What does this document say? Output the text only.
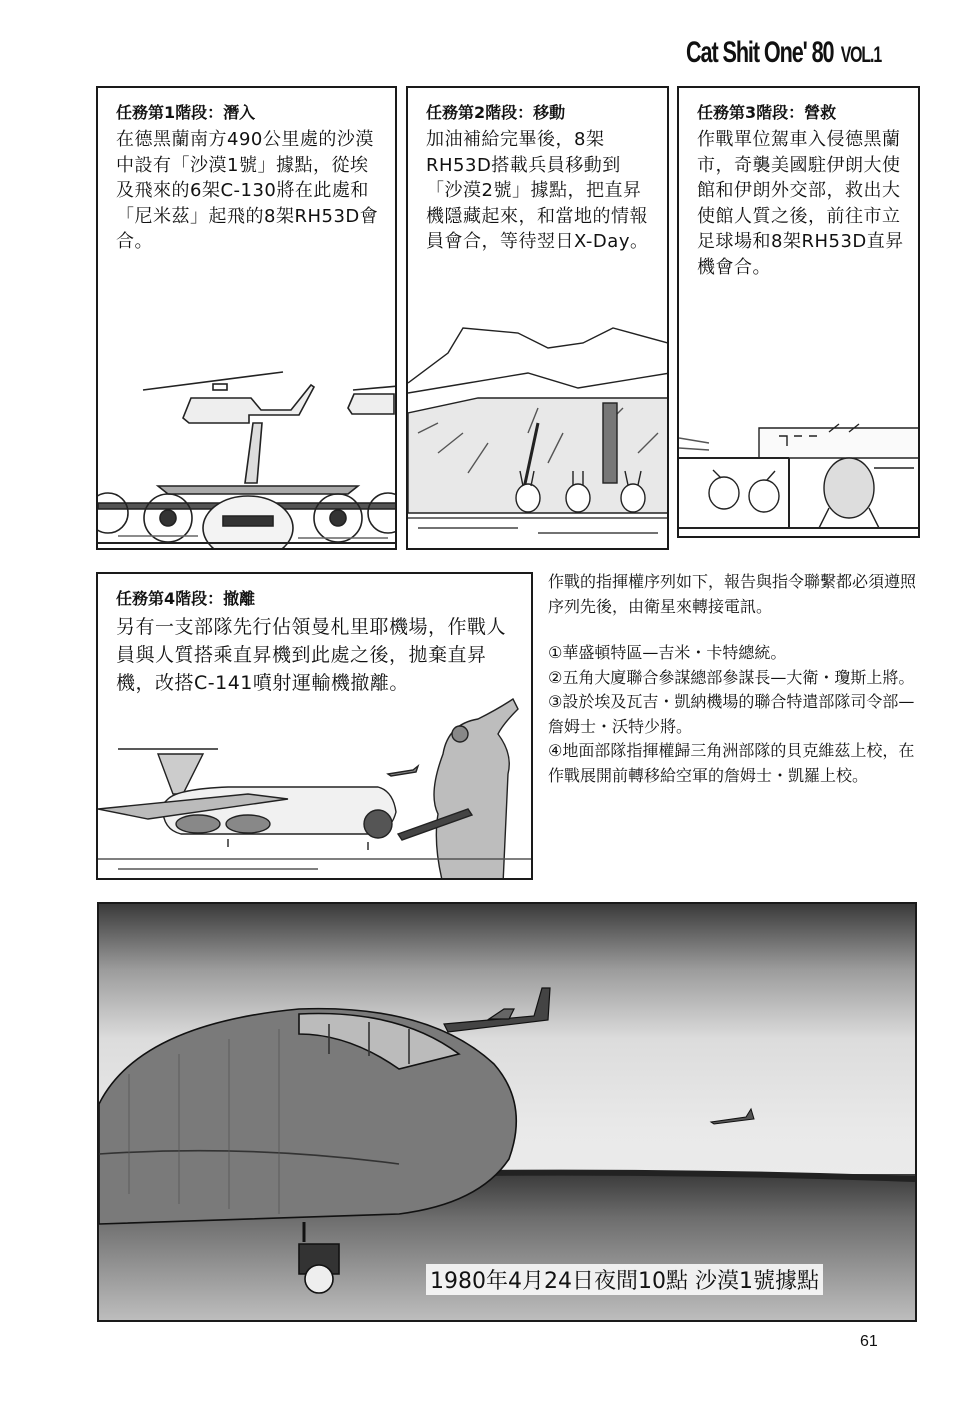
Cat Shit One' 80 VOL.1
任務第1階段：潛入
在德黑蘭南方490公里處的沙漠中設有「沙漠1號」據點，從埃及飛來的6架C-130將在此處和「尼米茲」起飛的8架RH53D會合。
任務第2階段：移動
加油補給完畢後，8架RH53D搭載兵員移動到「沙漠2號」據點，把直昇機隱藏起來，和當地的情報員會合，等待翌日X-Day。
任務第3階段：營救
作戰單位駕車入侵德黑蘭市，奇襲美國駐伊朗大使館和伊朗外交部，救出大使館人質之後，前往市立足球場和8架RH53D直昇機會合。
任務第4階段：撤離
另有一支部隊先行佔領曼札里耶機場，作戰人員與人質搭乘直昇機到此處之後，拋棄直昇機，改搭C-141噴射運輸機撤離。

作戰的指揮權序列如下，報告與指令聯繫都必須遵照序列先後，由衛星來轉接電訊。

①華盛頓特區—吉米・卡特總統。

②五角大廈聯合參謀總部參謀長—大衛・瓊斯上將。

③設於埃及瓦吉・凱納機場的聯合特遣部隊司令部—詹姆士・沃特少將。

④地面部隊指揮權歸三角洲部隊的貝克維茲上校，在作戰展開前轉移給空軍的詹姆士・凱羅上校。

1980年4月24日夜間10點 沙漠1號據點
61
